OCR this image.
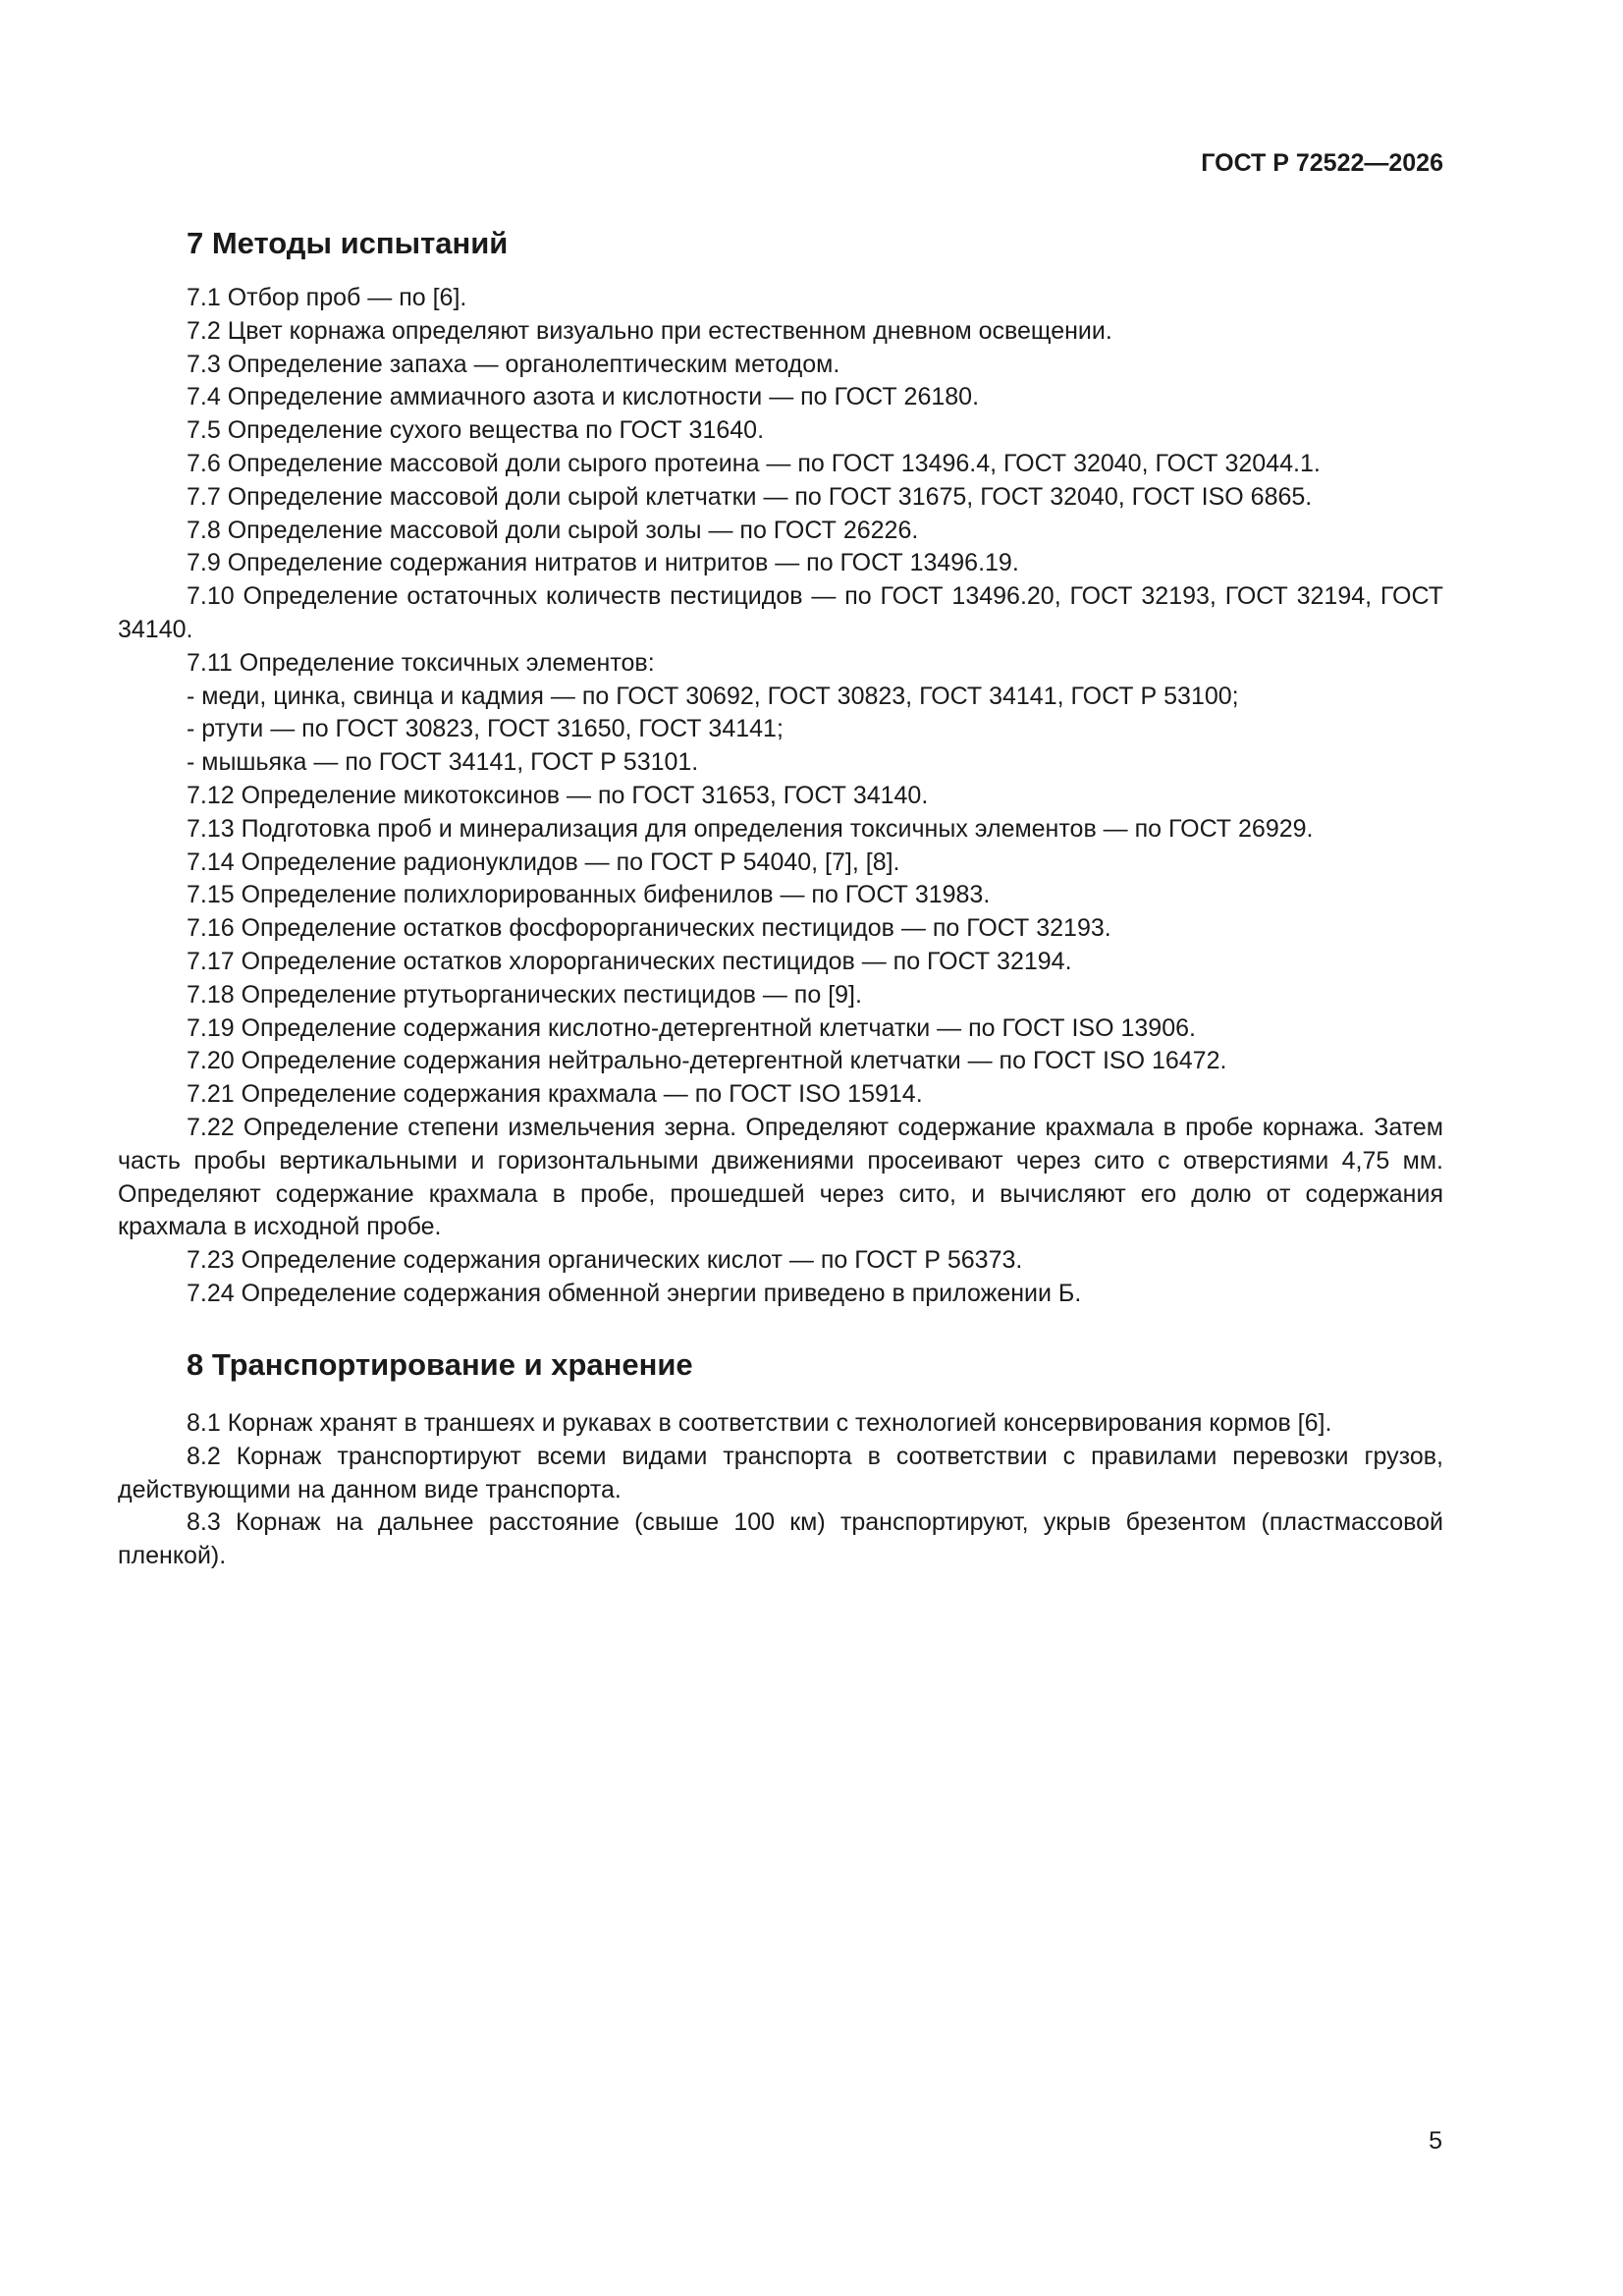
ГОСТ Р 72522—2026

7 Методы испытаний

7.1 Отбор проб — по [6].

7.2 Цвет корнажа определяют визуально при естественном дневном освещении.

7.3 Определение запаха — органолептическим методом.

7.4 Определение аммиачного азота и кислотности — по ГОСТ 26180.

7.5 Определение сухого вещества по ГОСТ 31640.

7.6 Определение массовой доли сырого протеина — по ГОСТ 13496.4, ГОСТ 32040, ГОСТ 32044.1.

7.7 Определение массовой доли сырой клетчатки — по ГОСТ 31675, ГОСТ 32040, ГОСТ ISO 6865.

7.8 Определение массовой доли сырой золы — по ГОСТ 26226.

7.9 Определение содержания нитратов и нитритов — по ГОСТ 13496.19.

7.10 Определение остаточных количеств пестицидов — по ГОСТ 13496.20, ГОСТ 32193, ГОСТ 32194, ГОСТ 34140.

7.11 Определение токсичных элементов:

- меди, цинка, свинца и кадмия — по ГОСТ 30692, ГОСТ 30823, ГОСТ 34141, ГОСТ Р 53100;

- ртути — по ГОСТ 30823, ГОСТ 31650, ГОСТ 34141;

- мышьяка — по ГОСТ 34141, ГОСТ Р 53101.

7.12 Определение микотоксинов — по ГОСТ 31653, ГОСТ 34140.

7.13 Подготовка проб и минерализация для определения токсичных элементов — по ГОСТ 26929.

7.14 Определение радионуклидов — по ГОСТ Р 54040, [7], [8].

7.15 Определение полихлорированных бифенилов — по ГОСТ 31983.

7.16 Определение остатков фосфорорганических пестицидов — по ГОСТ 32193.

7.17 Определение остатков хлорорганических пестицидов — по ГОСТ 32194.

7.18 Определение ртутьорганических пестицидов — по [9].

7.19 Определение содержания кислотно-детергентной клетчатки — по ГОСТ ISO 13906.

7.20 Определение содержания нейтрально-детергентной клетчатки — по ГОСТ ISO 16472.

7.21 Определение содержания крахмала — по ГОСТ ISO 15914.

7.22 Определение степени измельчения зерна. Определяют содержание крахмала в пробе корнажа. Затем часть пробы вертикальными и горизонтальными движениями просеивают через сито с отверстиями 4,75 мм. Определяют содержание крахмала в пробе, прошедшей через сито, и вычисляют его долю от содержания крахмала в исходной пробе.

7.23 Определение содержания органических кислот — по ГОСТ Р 56373.

7.24 Определение содержания обменной энергии приведено в приложении Б.

8 Транспортирование и хранение

8.1 Корнаж хранят в траншеях и рукавах в соответствии с технологией консервирования кормов [6].

8.2 Корнаж транспортируют всеми видами транспорта в соответствии с правилами перевозки грузов, действующими на данном виде транспорта.

8.3 Корнаж на дальнее расстояние (свыше 100 км) транспортируют, укрыв брезентом (пластмассовой пленкой).

5
